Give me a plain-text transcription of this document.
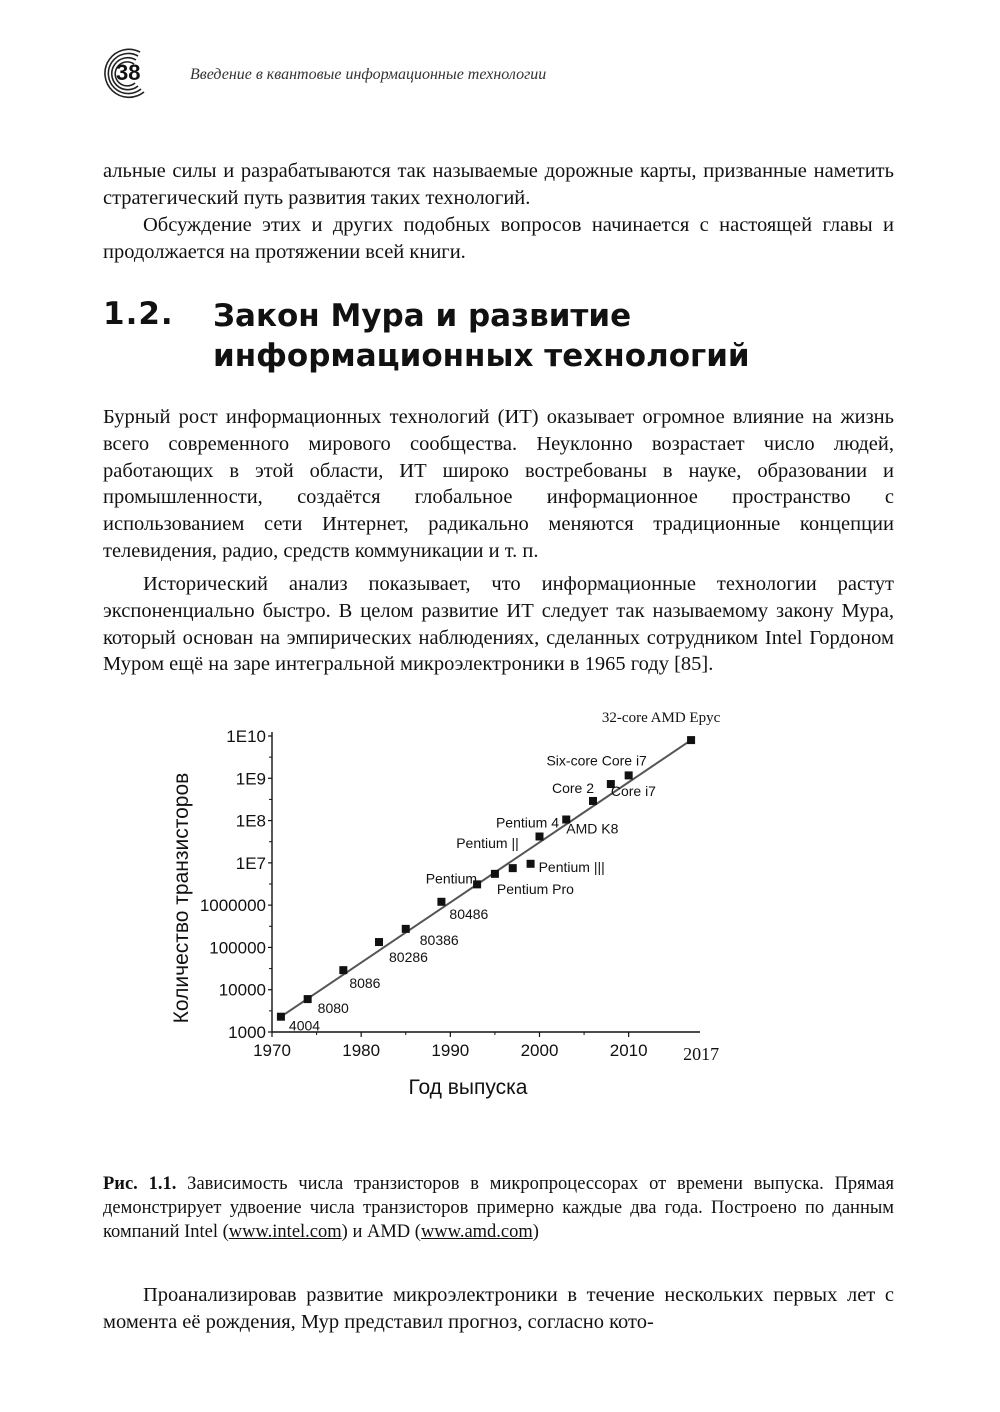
38	Введение в квантовые информационные технологии

альные силы и разрабатываются так называемые дорожные карты, призванные наметить стратегический путь развития таких технологий.

Обсуждение этих и других подобных вопросов начинается с настоящей главы и продолжается на протяжении всей книги.

1.2. Закон Мура и развитие информационных технологий

Бурный рост информационных технологий (ИТ) оказывает огромное влияние на жизнь всего современного мирового сообщества. Неуклонно возрастает число людей, работающих в этой области, ИТ широко востребованы в науке, образовании и промышленности, создаётся глобальное информационное пространство с использованием сети Интернет, радикально меняются традиционные концепции телевидения, радио, средств коммуникации и т. п.

Исторический анализ показывает, что информационные технологии растут экспоненциально быстро. В целом развитие ИТ следует так называемому закону Мура, который основан на эмпирических наблюдениях, сделанных сотрудником Intel Гордоном Муром ещё на заре интегральной микроэлектроники в 1965 году [85].

1000
10000
100000
1000000
1E7
1E8
1E9
1E10
1970	1980	1990	2000	2010 2017
Год выпуска
Количество транзисторов
4004
8080
8086
80286
80386
80486
Pentium
Pentium Pro
Pentium ||
Pentium |||
Pentium 4 AMD K8
Core 2 Core i7
Six-core Core i7
32-core AMD Epyc

Рис. 1.1. Зависимость числа транзисторов в микропроцессорах от времени выпуска. Прямая демонстрирует удвоение числа транзисторов примерно каждые два года. Построено по данным компаний Intel (www.intel.com) и AMD (www.amd.com)

Проанализировав развитие микроэлектроники в течение нескольких первых лет с момента её рождения, Мур представил прогноз, согласно кото-
